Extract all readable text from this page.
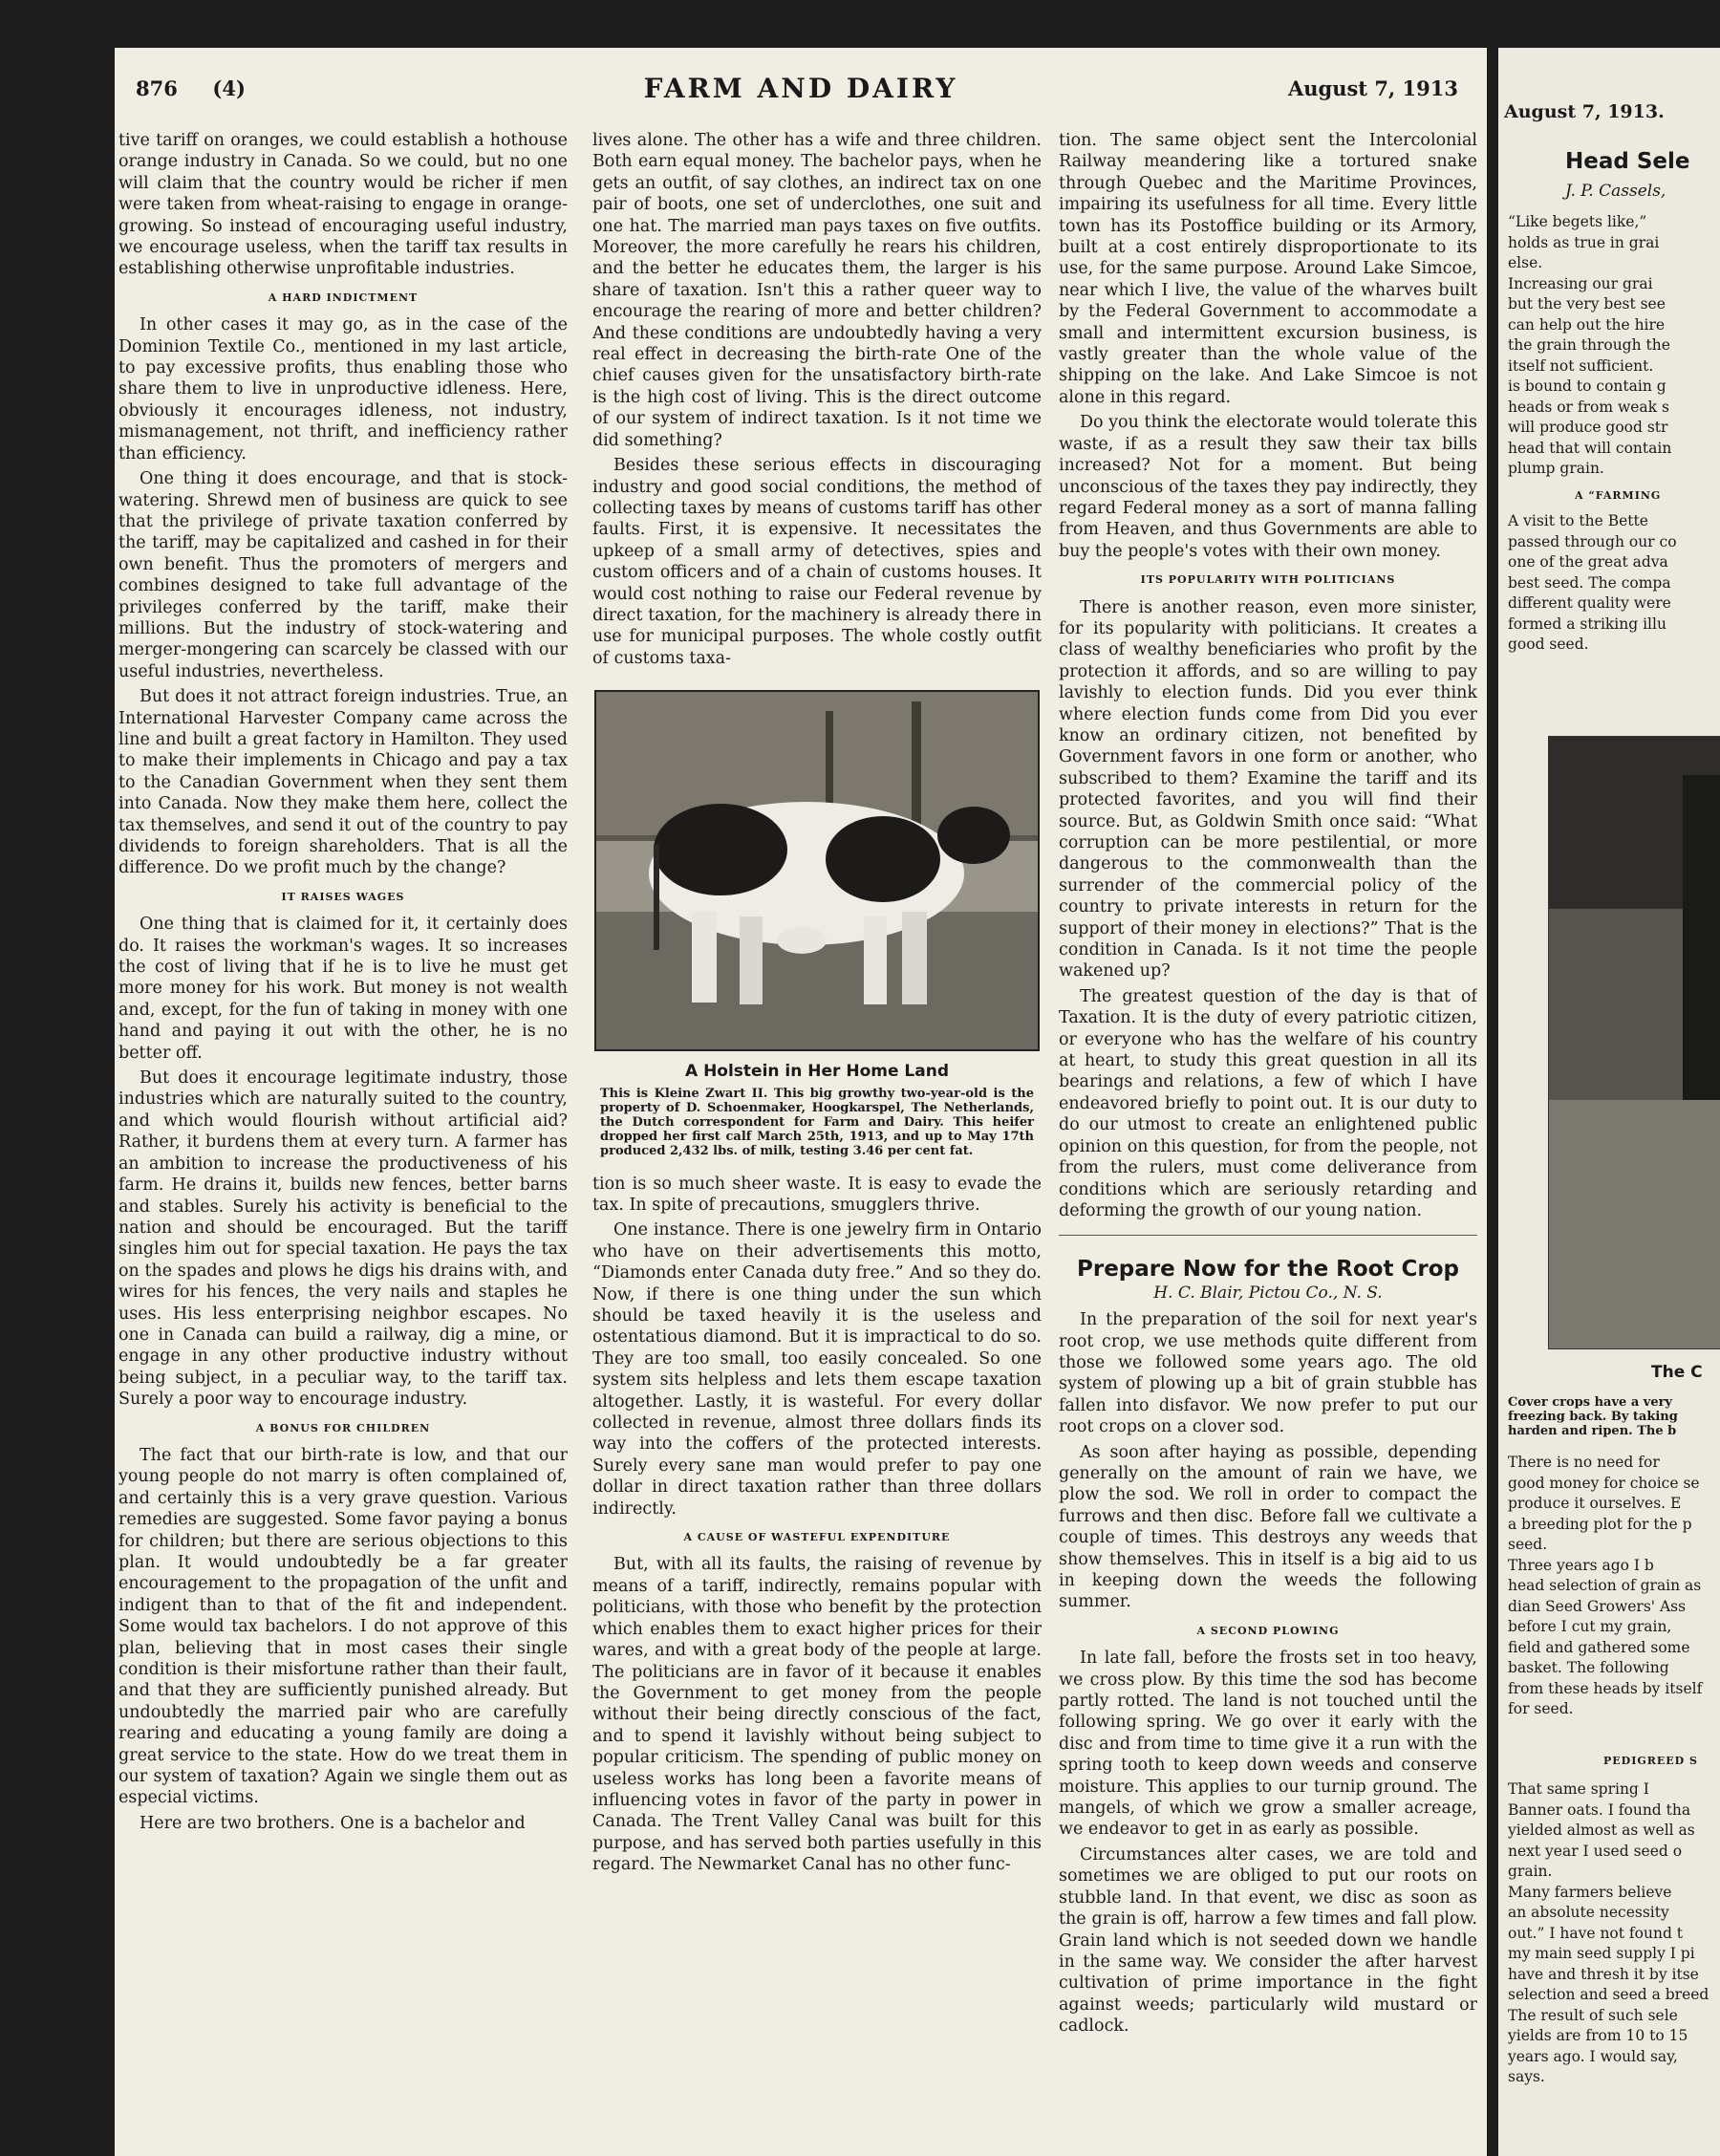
876 (4)	FARM AND DAIRY	August 7, 1913

tive tariff on oranges, we could establish a hothouse orange industry in Canada. So we could, but no one will claim that the country would be richer if men were taken from wheat-raising to engage in orange-growing. So instead of encouraging useful industry, we encourage useless, when the tariff tax results in establishing otherwise unprofitable industries.

A HARD INDICTMENT

In other cases it may go, as in the case of the Dominion Textile Co., mentioned in my last article, to pay excessive profits, thus enabling those who share them to live in unproductive idleness. Here, obviously it encourages idleness, not industry, mismanagement, not thrift, and inefficiency rather than efficiency.

One thing it does encourage, and that is stock-watering. Shrewd men of business are quick to see that the privilege of private taxation conferred by the tariff, may be capitalized and cashed in for their own benefit. Thus the promoters of mergers and combines designed to take full advantage of the privileges conferred by the tariff, make their millions. But the industry of stock-watering and merger-mongering can scarcely be classed with our useful industries, nevertheless.

But does it not attract foreign industries. True, an International Harvester Company came across the line and built a great factory in Hamilton. They used to make their implements in Chicago and pay a tax to the Canadian Government when they sent them into Canada. Now they make them here, collect the tax themselves, and send it out of the country to pay dividends to foreign shareholders. That is all the difference. Do we profit much by the change?

IT RAISES WAGES

One thing that is claimed for it, it certainly does do. It raises the workman's wages. It so increases the cost of living that if he is to live he must get more money for his work. But money is not wealth and, except, for the fun of taking in money with one hand and paying it out with the other, he is no better off.

But does it encourage legitimate industry, those industries which are naturally suited to the country, and which would flourish without artificial aid? Rather, it burdens them at every turn. A farmer has an ambition to increase the productiveness of his farm. He drains it, builds new fences, better barns and stables. Surely his activity is beneficial to the nation and should be encouraged. But the tariff singles him out for special taxation. He pays the tax on the spades and plows he digs his drains with, and wires for his fences, the very nails and staples he uses. His less enterprising neighbor escapes. No one in Canada can build a railway, dig a mine, or engage in any other productive industry without being subject, in a peculiar way, to the tariff tax. Surely a poor way to encourage industry.

A BONUS FOR CHILDREN

The fact that our birth-rate is low, and that our young people do not marry is often complained of, and certainly this is a very grave question. Various remedies are suggested. Some favor paying a bonus for children; but there are serious objections to this plan. It would undoubtedly be a far greater encouragement to the propagation of the unfit and indigent than to that of the fit and independent. Some would tax bachelors. I do not approve of this plan, believing that in most cases their single condition is their misfortune rather than their fault, and that they are sufficiently punished already. But undoubtedly the married pair who are carefully rearing and educating a young family are doing a great service to the state. How do we treat them in our system of taxation? Again we single them out as especial victims.

Here are two brothers. One is a bachelor and

lives alone. The other has a wife and three children. Both earn equal money. The bachelor pays, when he gets an outfit, of say clothes, an indirect tax on one pair of boots, one set of underclothes, one suit and one hat. The married man pays taxes on five outfits. Moreover, the more carefully he rears his children, and the better he educates them, the larger is his share of taxation. Isn't this a rather queer way to encourage the rearing of more and better children? And these conditions are undoubtedly having a very real effect in decreasing the birth-rate One of the chief causes given for the unsatisfactory birth-rate is the high cost of living. This is the direct outcome of our system of indirect taxation. Is it not time we did something?

Besides these serious effects in discouraging industry and good social conditions, the method of collecting taxes by means of customs tariff has other faults. First, it is expensive. It necessitates the upkeep of a small army of detectives, spies and custom officers and of a chain of customs houses. It would cost nothing to raise our Federal revenue by direct taxation, for the machinery is already there in use for municipal purposes. The whole costly outfit of customs taxa-

A Holstein in Her Home Land
This is Kleine Zwart II. This big growthy two-year-old is the property of D. Schoenmaker, Hoogkarspel, The Netherlands, the Dutch correspondent for Farm and Dairy. This heifer dropped her first calf March 25th, 1913, and up to May 17th produced 2,432 lbs. of milk, testing 3.46 per cent fat.

tion is so much sheer waste. It is easy to evade the tax. In spite of precautions, smugglers thrive.

One instance. There is one jewelry firm in Ontario who have on their advertisements this motto, “Diamonds enter Canada duty free.” And so they do. Now, if there is one thing under the sun which should be taxed heavily it is the useless and ostentatious diamond. But it is impractical to do so. They are too small, too easily concealed. So one system sits helpless and lets them escape taxation altogether. Lastly, it is wasteful. For every dollar collected in revenue, almost three dollars finds its way into the coffers of the protected interests. Surely every sane man would prefer to pay one dollar in direct taxation rather than three dollars indirectly.

A CAUSE OF WASTEFUL EXPENDITURE

But, with all its faults, the raising of revenue by means of a tariff, indirectly, remains popular with politicians, with those who benefit by the protection which enables them to exact higher prices for their wares, and with a great body of the people at large. The politicians are in favor of it because it enables the Government to get money from the people without their being directly conscious of the fact, and to spend it lavishly without being subject to popular criticism. The spending of public money on useless works has long been a favorite means of influencing votes in favor of the party in power in Canada. The Trent Valley Canal was built for this purpose, and has served both parties usefully in this regard. The Newmarket Canal has no other func-

tion. The same object sent the Intercolonial Railway meandering like a tortured snake through Quebec and the Maritime Provinces, impairing its usefulness for all time. Every little town has its Postoffice building or its Armory, built at a cost entirely disproportionate to its use, for the same purpose. Around Lake Simcoe, near which I live, the value of the wharves built by the Federal Government to accommodate a small and intermittent excursion business, is vastly greater than the whole value of the shipping on the lake. And Lake Simcoe is not alone in this regard.

Do you think the electorate would tolerate this waste, if as a result they saw their tax bills increased? Not for a moment. But being unconscious of the taxes they pay indirectly, they regard Federal money as a sort of manna falling from Heaven, and thus Governments are able to buy the people's votes with their own money.

ITS POPULARITY WITH POLITICIANS

There is another reason, even more sinister, for its popularity with politicians. It creates a class of wealthy beneficiaries who profit by the protection it affords, and so are willing to pay lavishly to election funds. Did you ever think where election funds come from Did you ever know an ordinary citizen, not benefited by Government favors in one form or another, who subscribed to them? Examine the tariff and its protected favorites, and you will find their source. But, as Goldwin Smith once said: “What corruption can be more pestilential, or more dangerous to the commonwealth than the surrender of the commercial policy of the country to private interests in return for the support of their money in elections?” That is the condition in Canada. Is it not time the people wakened up?

The greatest question of the day is that of Taxation. It is the duty of every patriotic citizen, or everyone who has the welfare of his country at heart, to study this great question in all its bearings and relations, a few of which I have endeavored briefly to point out. It is our duty to do our utmost to create an enlightened public opinion on this question, for from the people, not from the rulers, must come deliverance from conditions which are seriously retarding and deforming the growth of our young nation.

Prepare Now for the Root Crop
H. C. Blair, Pictou Co., N. S.

In the preparation of the soil for next year's root crop, we use methods quite different from those we followed some years ago. The old system of plowing up a bit of grain stubble has fallen into disfavor. We now prefer to put our root crops on a clover sod.

As soon after haying as possible, depending generally on the amount of rain we have, we plow the sod. We roll in order to compact the furrows and then disc. Before fall we cultivate a couple of times. This destroys any weeds that show themselves. This in itself is a big aid to us in keeping down the weeds the following summer.

A SECOND PLOWING

In late fall, before the frosts set in too heavy, we cross plow. By this time the sod has become partly rotted. The land is not touched until the following spring. We go over it early with the disc and from time to time give it a run with the spring tooth to keep down weeds and conserve moisture. This applies to our turnip ground. The mangels, of which we grow a smaller acreage, we endeavor to get in as early as possible.

Circumstances alter cases, we are told and sometimes we are obliged to put our roots on stubble land. In that event, we disc as soon as the grain is off, harrow a few times and fall plow. Grain land which is not seeded down we handle in the same way. We consider the after harvest cultivation of prime importance in the fight against weeds; particularly wild mustard or cadlock.

August 7, 1913.
Head Sele
J. P. Cassels,
“Like begets like,”
holds as true in grai
else.
Increasing our grai
but the very best see
can help out the hire
the grain through the
itself not sufficient.
is bound to contain g
heads or from weak s
will produce good str
head that will contain
plump grain.
A “FARMING
A visit to the Bette
passed through our co
one of the great adva
best seed. The compa
different quality were
formed a striking illu
good seed.
The C
Cover crops have a very
freezing back. By taking
harden and ripen. The b
There is no need for
good money for choice se
produce it ourselves. E
a breeding plot for the p
seed.
Three years ago I b
head selection of grain as
dian Seed Growers' Ass
before I cut my grain,
field and gathered some
basket. The following
from these heads by itself
for seed.
PEDIGREED S
That same spring I
Banner oats. I found tha
yielded almost as well as
next year I used seed o
grain.
Many farmers believe
an absolute necessity
out.” I have not found t
my main seed supply I pi
have and thresh it by itse
selection and seed a breed
The result of such sele
yields are from 10 to 15
years ago. I would say,
says.
